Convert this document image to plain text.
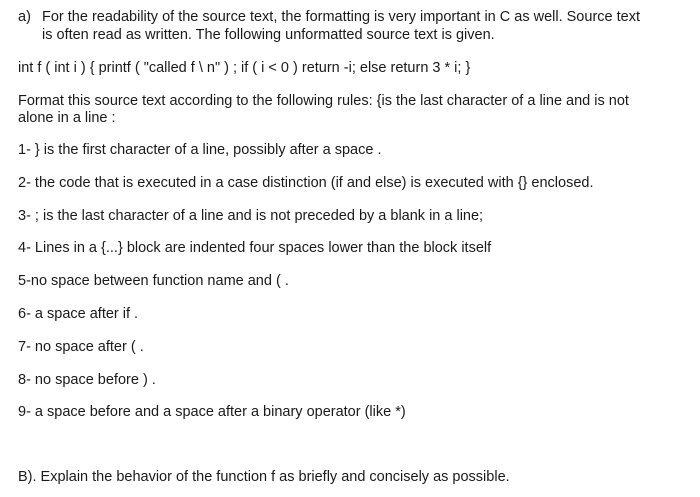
a) For the readability of the source text, the formatting is very important in C as well. Source text
is often read as written. The following unformatted source text is given.
int f ( int i ) { printf ( "called f \ n" ) ; if ( i < 0 ) return -i; else return 3 * i; }
Format this source text according to the following rules: {is the last character of a line and is not
alone in a line :
1- } is the first character of a line, possibly after a space .
2- the code that is executed in a case distinction (if and else) is executed with {} enclosed.
3- ; is the last character of a line and is not preceded by a blank in a line;
4- Lines in a {...} block are indented four spaces lower than the block itself
5-no space between function name and ( .
6- a space after if .
7- no space after ( .
8- no space before ) .
9- a space before and a space after a binary operator (like *)
B). Explain the behavior of the function f as briefly and concisely as possible.
